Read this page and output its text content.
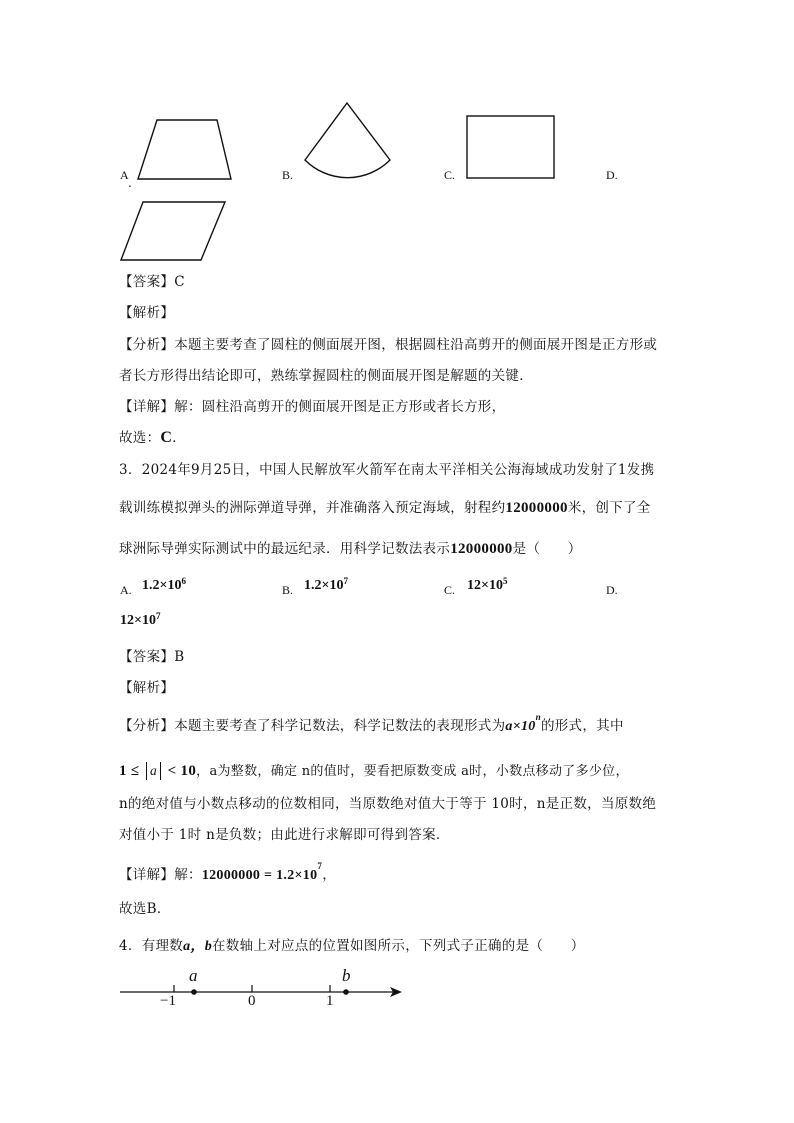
A
.
B.	C.	D.
【答案】C
【解析】
【分析】本题主要考查了圆柱的侧面展开图，根据圆柱沿高剪开的侧面展开图是正方形或
者长方形得出结论即可，熟练掌握圆柱的侧面展开图是解题的关键．
【详解】解：圆柱沿高剪开的侧面展开图是正方形或者长方形，
故选：C．
3．2024年9月25日，中国人民解放军火箭军在南太平洋相关公海海域成功发射了1发携
载训练模拟弹头的洲际弹道导弹，并准确落入预定海域，射程约12000000米，创下了全
球洲际导弹实际测试中的最远纪录．用科学记数法表示12000000是（　　）
A. $1.2\times 10^6$
B. $1.2\times 10^7$
C. $12\times 10^5$
D.
$12\times 10^7$
【答案】B
【解析】
【分析】本题主要考查了科学记数法，科学记数法的表现形式为$a\times 10^n$的形式，其中
1 ≤ a < 10，a为整数，确定 n的值时，要看把原数变成 a时，小数点移动了多少位，
n的绝对值与小数点移动的位数相同，当原数绝对值大于等于 10时，n是正数，当原数绝
对值小于 1时 n是负数；由此进行求解即可得到答案．
【详解】解：$12000000 = 1.2\times 10^7$，
故选B．
4．有理数a，b在数轴上对应点的位置如图所示，下列式子正确的是（　　）
a	b
−1	0	1
